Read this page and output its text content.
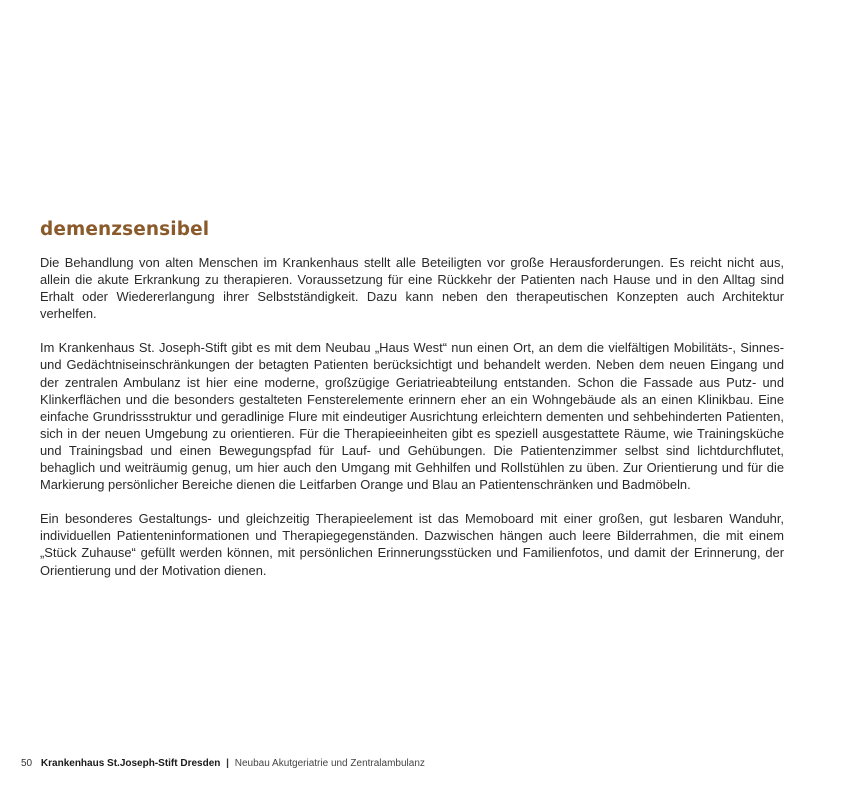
demenzsensibel

Die Behandlung von alten Menschen im Krankenhaus stellt alle Beteiligten vor große Herausforderungen. Es reicht nicht aus, allein die akute Erkrankung zu therapieren. Voraussetzung für eine Rückkehr der Patienten nach Hause und in den Alltag sind Erhalt oder Wiedererlangung ihrer Selbstständigkeit. Dazu kann neben den therapeutischen Konzepten auch Architektur verhelfen.

Im Krankenhaus St. Joseph-Stift gibt es mit dem Neubau „Haus West“ nun einen Ort, an dem die vielfältigen Mobilitäts-, Sinnes- und Gedächtniseinschränkungen der betagten Patienten berücksichtigt und behandelt werden. Neben dem neuen Eingang und der zentralen Ambulanz ist hier eine moderne, großzügige Geriatrieabteilung entstanden. Schon die Fassade aus Putz- und Klinkerflächen und die besonders gestalteten Fensterelemente erinnern eher an ein Wohngebäude als an einen Klinikbau. Eine einfache Grundrissstruktur und geradlinige Flure mit eindeutiger Ausrichtung erleichtern dementen und sehbehinderten Patienten, sich in der neuen Umgebung zu orientieren. Für die Therapieeinheiten gibt es speziell ausgestattete Räume, wie Trainingsküche und Trainingsbad und einen Bewegungspfad für Lauf- und Gehübungen. Die Patientenzimmer selbst sind lichtdurchflutet, behaglich und weiträumig genug, um hier auch den Umgang mit Gehhilfen und Rollstühlen zu üben. Zur Orientierung und für die Markierung persönlicher Bereiche dienen die Leitfarben Orange und Blau an Patientenschränken und Badmöbeln.

Ein besonderes Gestaltungs- und gleichzeitig Therapieelement ist das Memoboard mit einer großen, gut lesbaren Wanduhr, individuellen Patienteninformationen und Therapiegegenständen. Dazwischen hängen auch leere Bilderrahmen, die mit einem „Stück Zuhause“ gefüllt werden können, mit persönlichen Erinnerungsstücken und Familienfotos, und damit der Erinnerung, der Orientierung und der Motivation dienen.

50 Krankenhaus St.Joseph-Stift Dresden | Neubau Akutgeriatrie und Zentralambulanz
